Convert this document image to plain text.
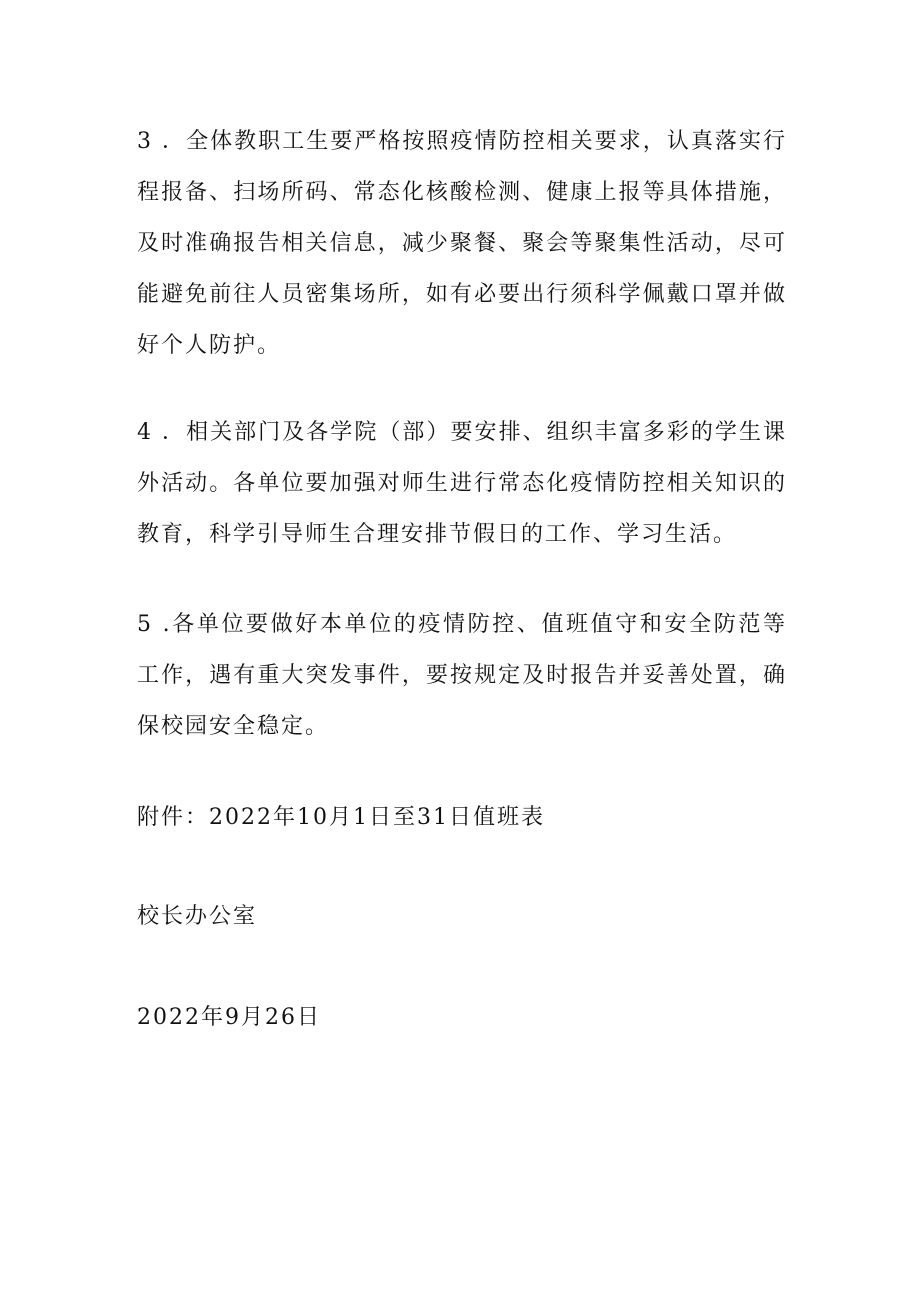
3 ．全体教职工生要严格按照疫情防控相关要求，认真落实行程报备、扫场所码、常态化核酸检测、健康上报等具体措施，及时准确报告相关信息，减少聚餐、聚会等聚集性活动，尽可能避免前往人员密集场所，如有必要出行须科学佩戴口罩并做好个人防护。

4 ．相关部门及各学院（部）要安排、组织丰富多彩的学生课外活动。各单位要加强对师生进行常态化疫情防控相关知识的教育，科学引导师生合理安排节假日的工作、学习生活。

5 .各单位要做好本单位的疫情防控、值班值守和安全防范等工作，遇有重大突发事件，要按规定及时报告并妥善处置，确保校园安全稳定。

附件：2022年10月1日至31日值班表

校长办公室

2022年9月26日
